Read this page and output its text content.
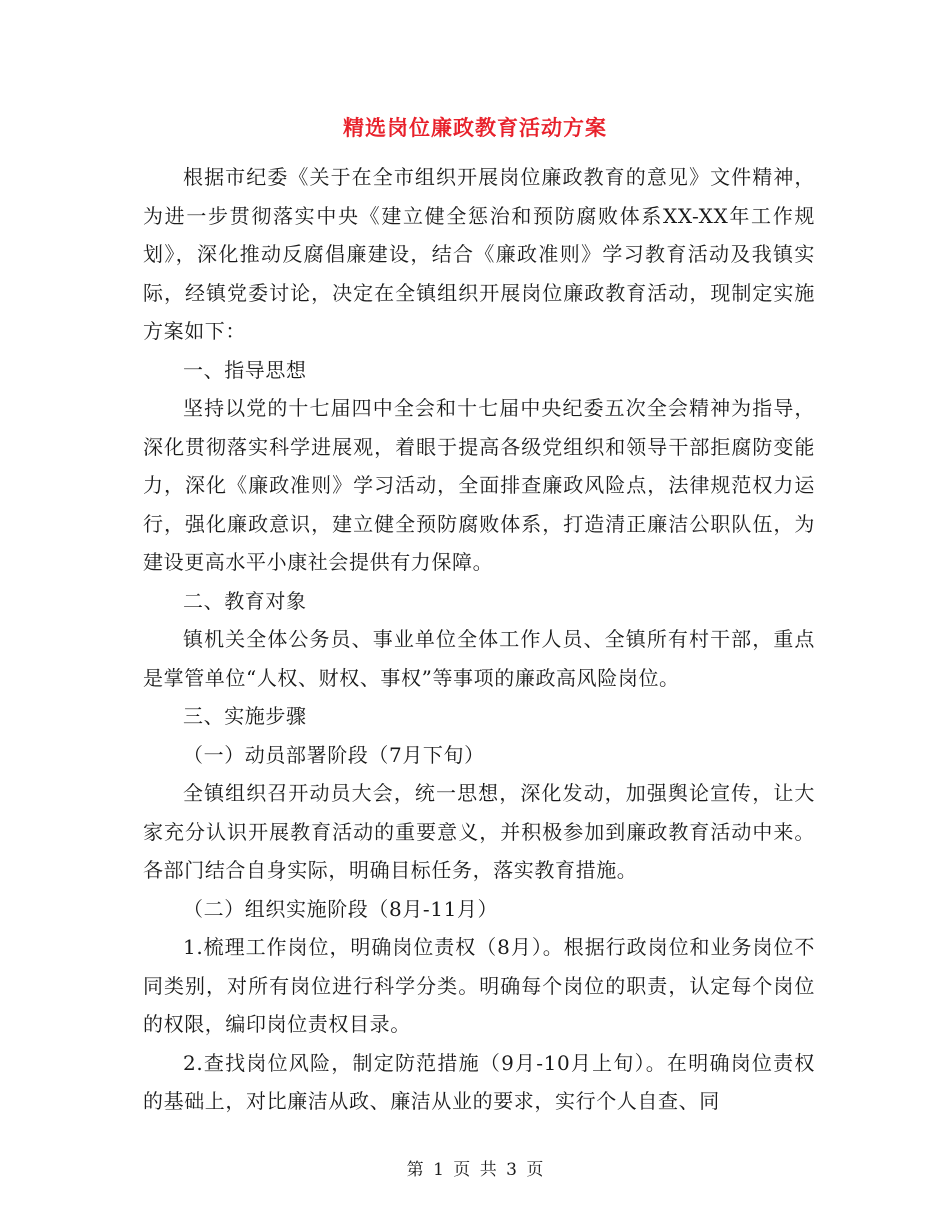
精选岗位廉政教育活动方案

根据市纪委《关于在全市组织开展岗位廉政教育的意见》文件精神，为进一步贯彻落实中央《建立健全惩治和预防腐败体系XX-XX年工作规划》，深化推动反腐倡廉建设，结合《廉政准则》学习教育活动及我镇实际，经镇党委讨论，决定在全镇组织开展岗位廉政教育活动，现制定实施方案如下：

一、指导思想

坚持以党的十七届四中全会和十七届中央纪委五次全会精神为指导，深化贯彻落实科学进展观，着眼于提高各级党组织和领导干部拒腐防变能力，深化《廉政准则》学习活动，全面排查廉政风险点，法律规范权力运行，强化廉政意识，建立健全预防腐败体系，打造清正廉洁公职队伍，为建设更高水平小康社会提供有力保障。

二、教育对象

镇机关全体公务员、事业单位全体工作人员、全镇所有村干部，重点是掌管单位“人权、财权、事权”等事项的廉政高风险岗位。

三、实施步骤

（一）动员部署阶段（7月下旬）

全镇组织召开动员大会，统一思想，深化发动，加强舆论宣传，让大家充分认识开展教育活动的重要意义，并积极参加到廉政教育活动中来。各部门结合自身实际，明确目标任务，落实教育措施。

（二）组织实施阶段（8月-11月）

1.梳理工作岗位，明确岗位责权（8月）。根据行政岗位和业务岗位不同类别，对所有岗位进行科学分类。明确每个岗位的职责，认定每个岗位的权限，编印岗位责权目录。

2.查找岗位风险，制定防范措施（9月-10月上旬）。在明确岗位责权的基础上，对比廉洁从政、廉洁从业的要求，实行个人自查、同

第 1 页 共 3 页
